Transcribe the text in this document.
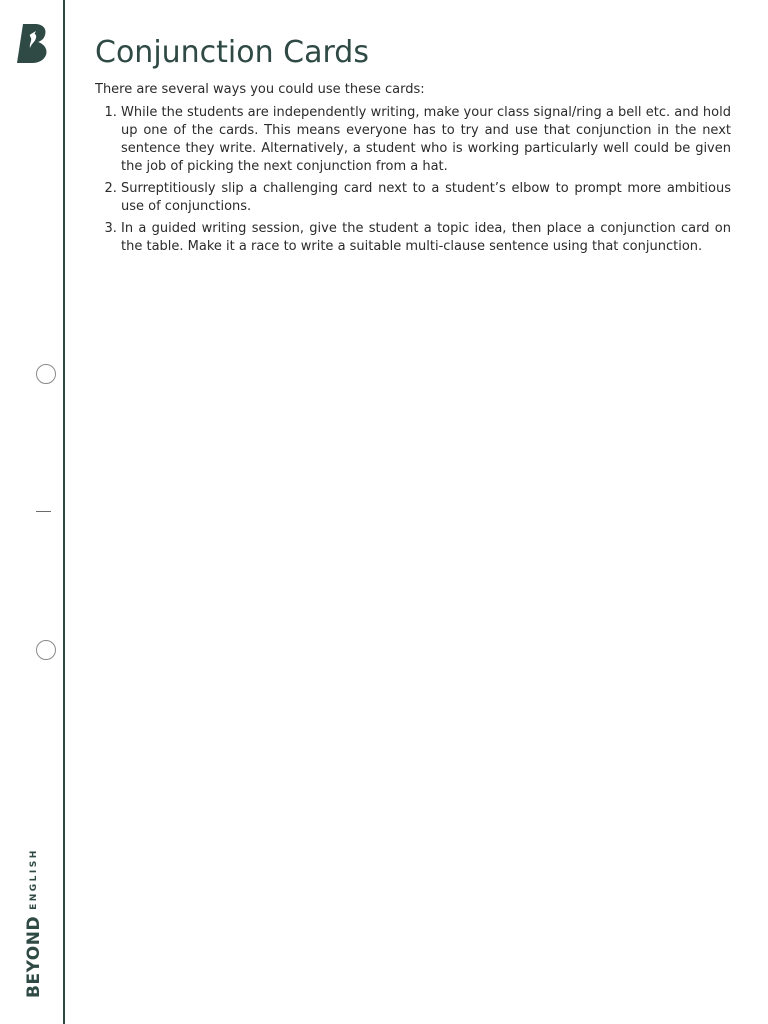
BEYOND
ENGLISH
Conjunction Cards

There are several ways you could use these cards:

1. While the students are independently writing, make your class signal/ring a bell etc. and hold up one of the cards. This means everyone has to try and use that conjunction in the next sentence they write. Alternatively, a student who is working particularly well could be given the job of picking the next conjunction from a hat.
2. Surreptitiously slip a challenging card next to a student’s elbow to prompt more ambitious use of conjunctions.
3. In a guided writing session, give the student a topic idea, then place a conjunction card on the table. Make it a race to write a suitable multi-clause sentence using that conjunction.
